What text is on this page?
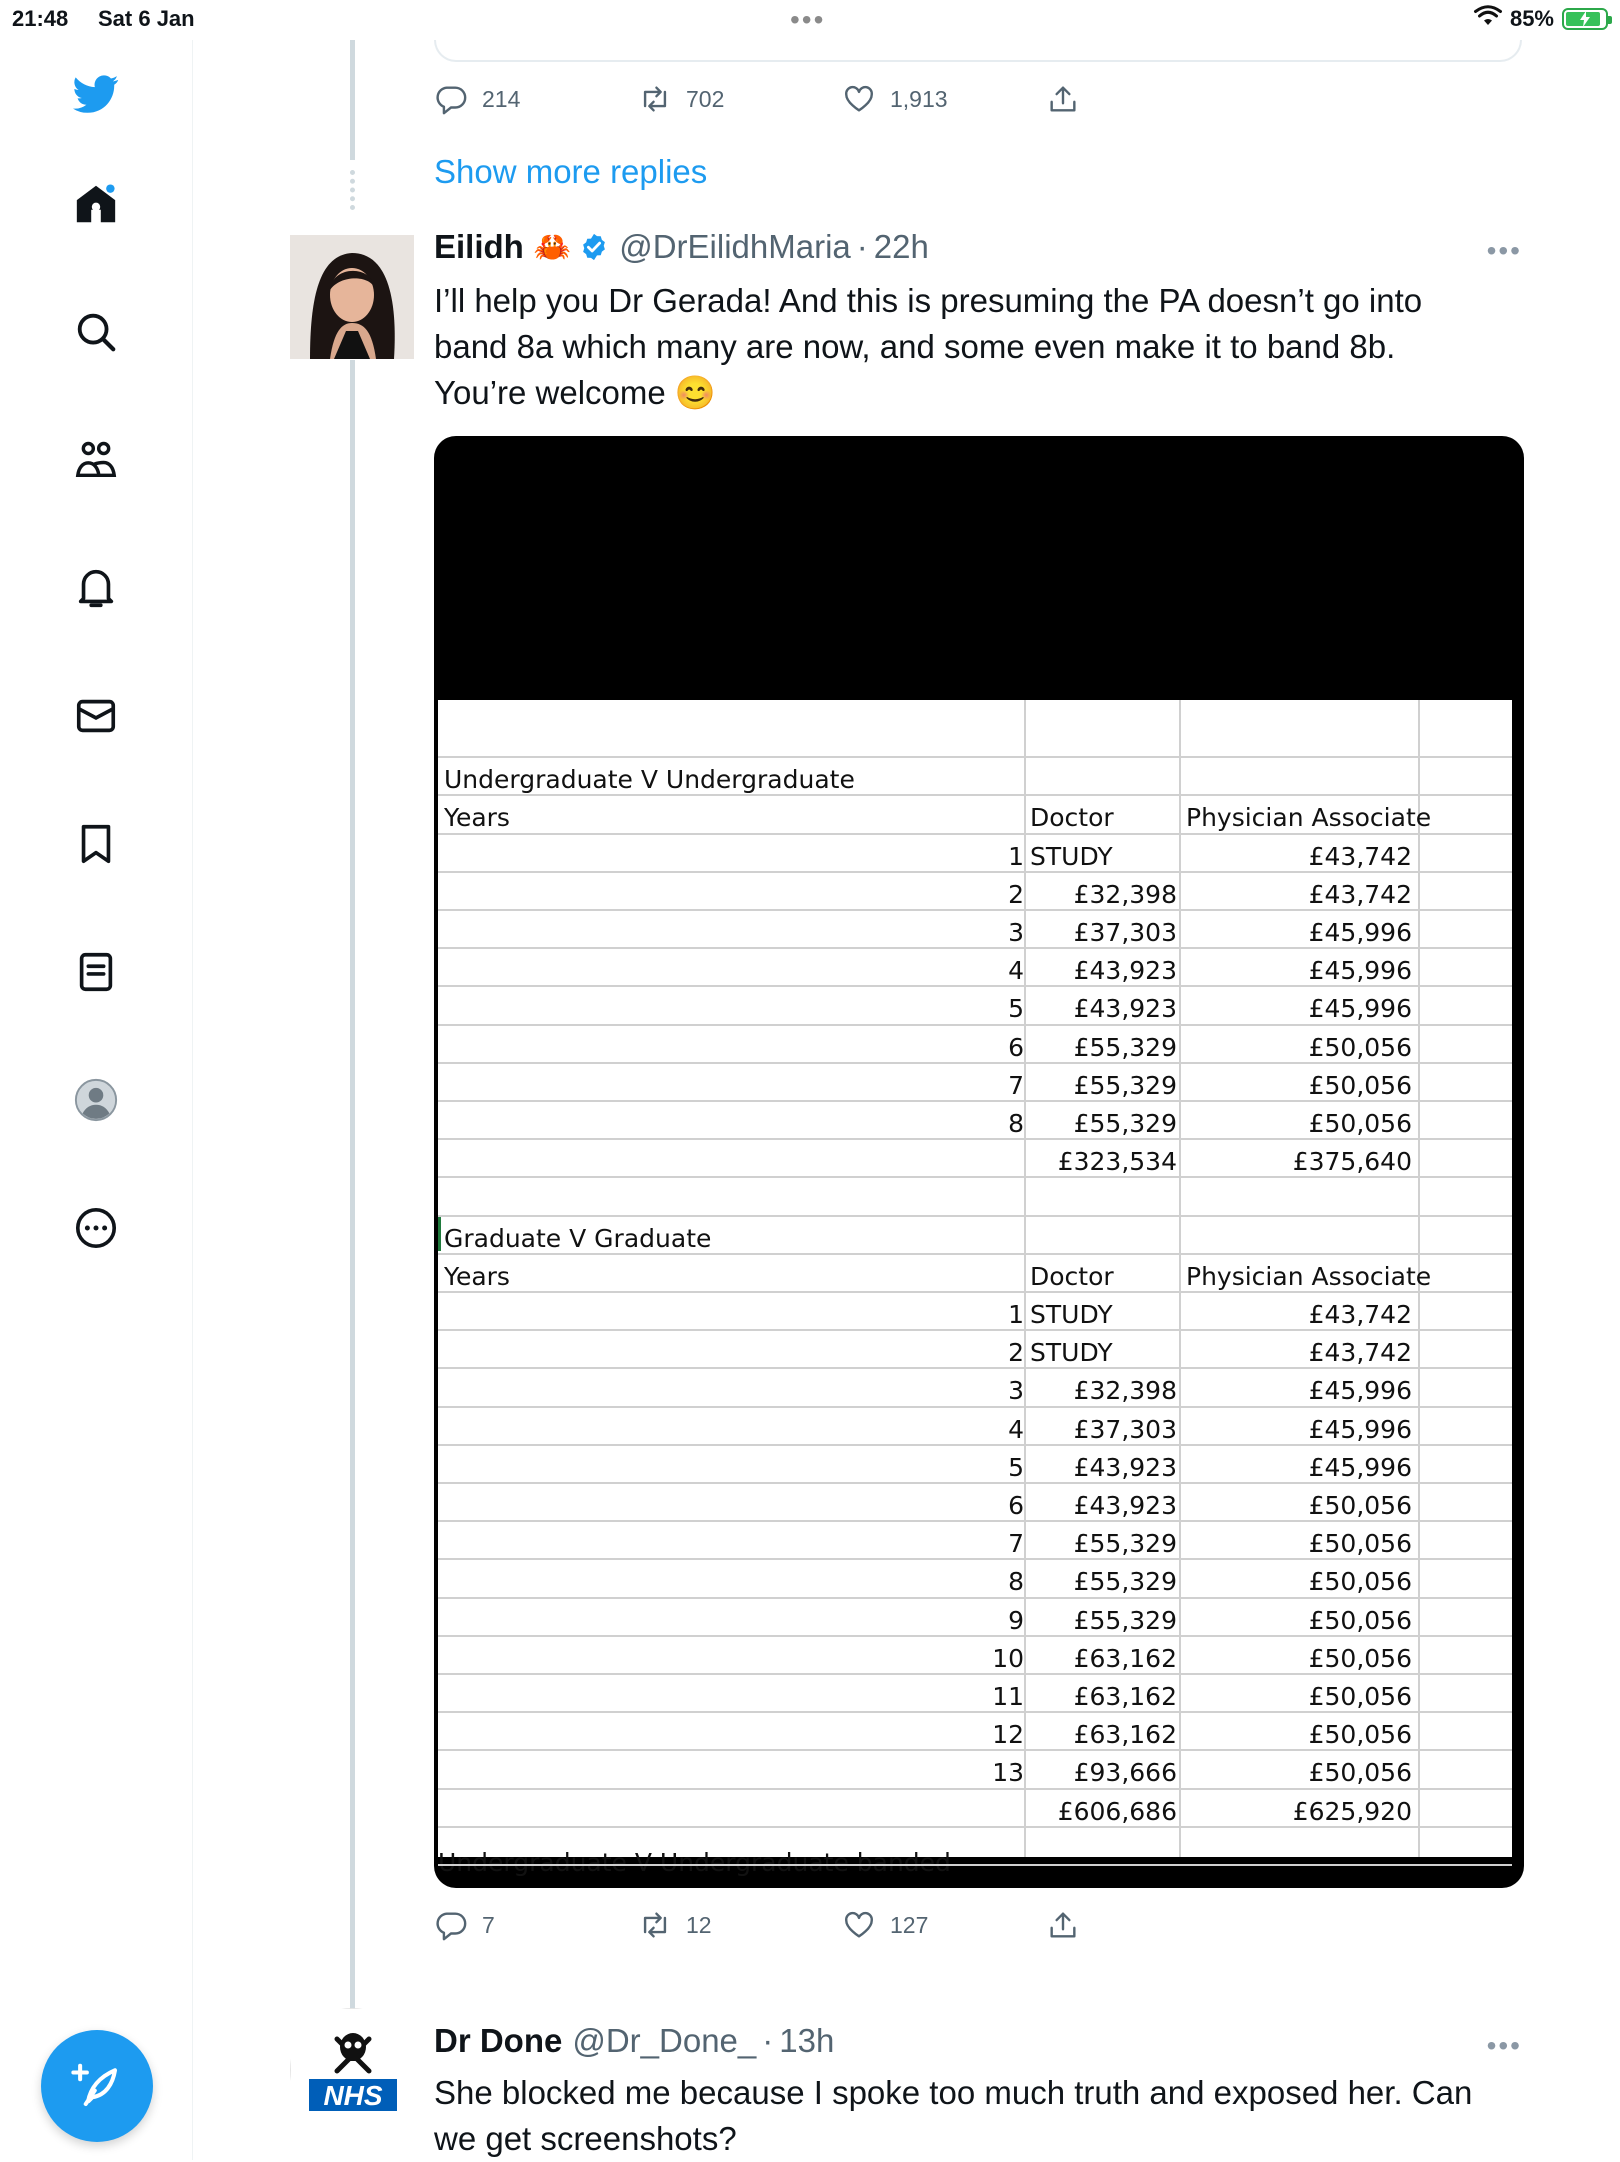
21:48 Sat 6 Jan	•••	85%
214	702	1,913
Show more replies
Eilidh 🦀 @DrEilidhMaria · 22h	•••
I’ll help you Dr Gerada! And this is presuming the PA doesn’t go into
band 8a which many are now, and some even make it to band 8b.
You’re welcome 😊
Undergraduate V Undergraduate banded
Undergraduate V Undergraduate
Years	Doctor	Physician Associate
1 STUDY	£43,742
2 £32,398	£43,742
3 £37,303	£45,996
4 £43,923	£45,996
5 £43,923	£45,996
6 £55,329	£50,056
7 £55,329	£50,056
8 £55,329	£50,056
£323,534	£375,640
Graduate V Graduate
Years	Doctor	Physician Associate
1 STUDY	£43,742
2 STUDY	£43,742
3 £32,398	£45,996
4 £37,303	£45,996
5 £43,923	£45,996
6 £43,923	£50,056
7 £55,329	£50,056
8 £55,329	£50,056
9 £55,329	£50,056
10 £63,162	£50,056
11 £63,162	£50,056
12 £63,162	£50,056
13 £93,666	£50,056
£606,686	£625,920
7	12	127
NHS
Dr Done @Dr_Done_ · 13h	•••
She blocked me because I spoke too much truth and exposed her. Can
we get screenshots?
